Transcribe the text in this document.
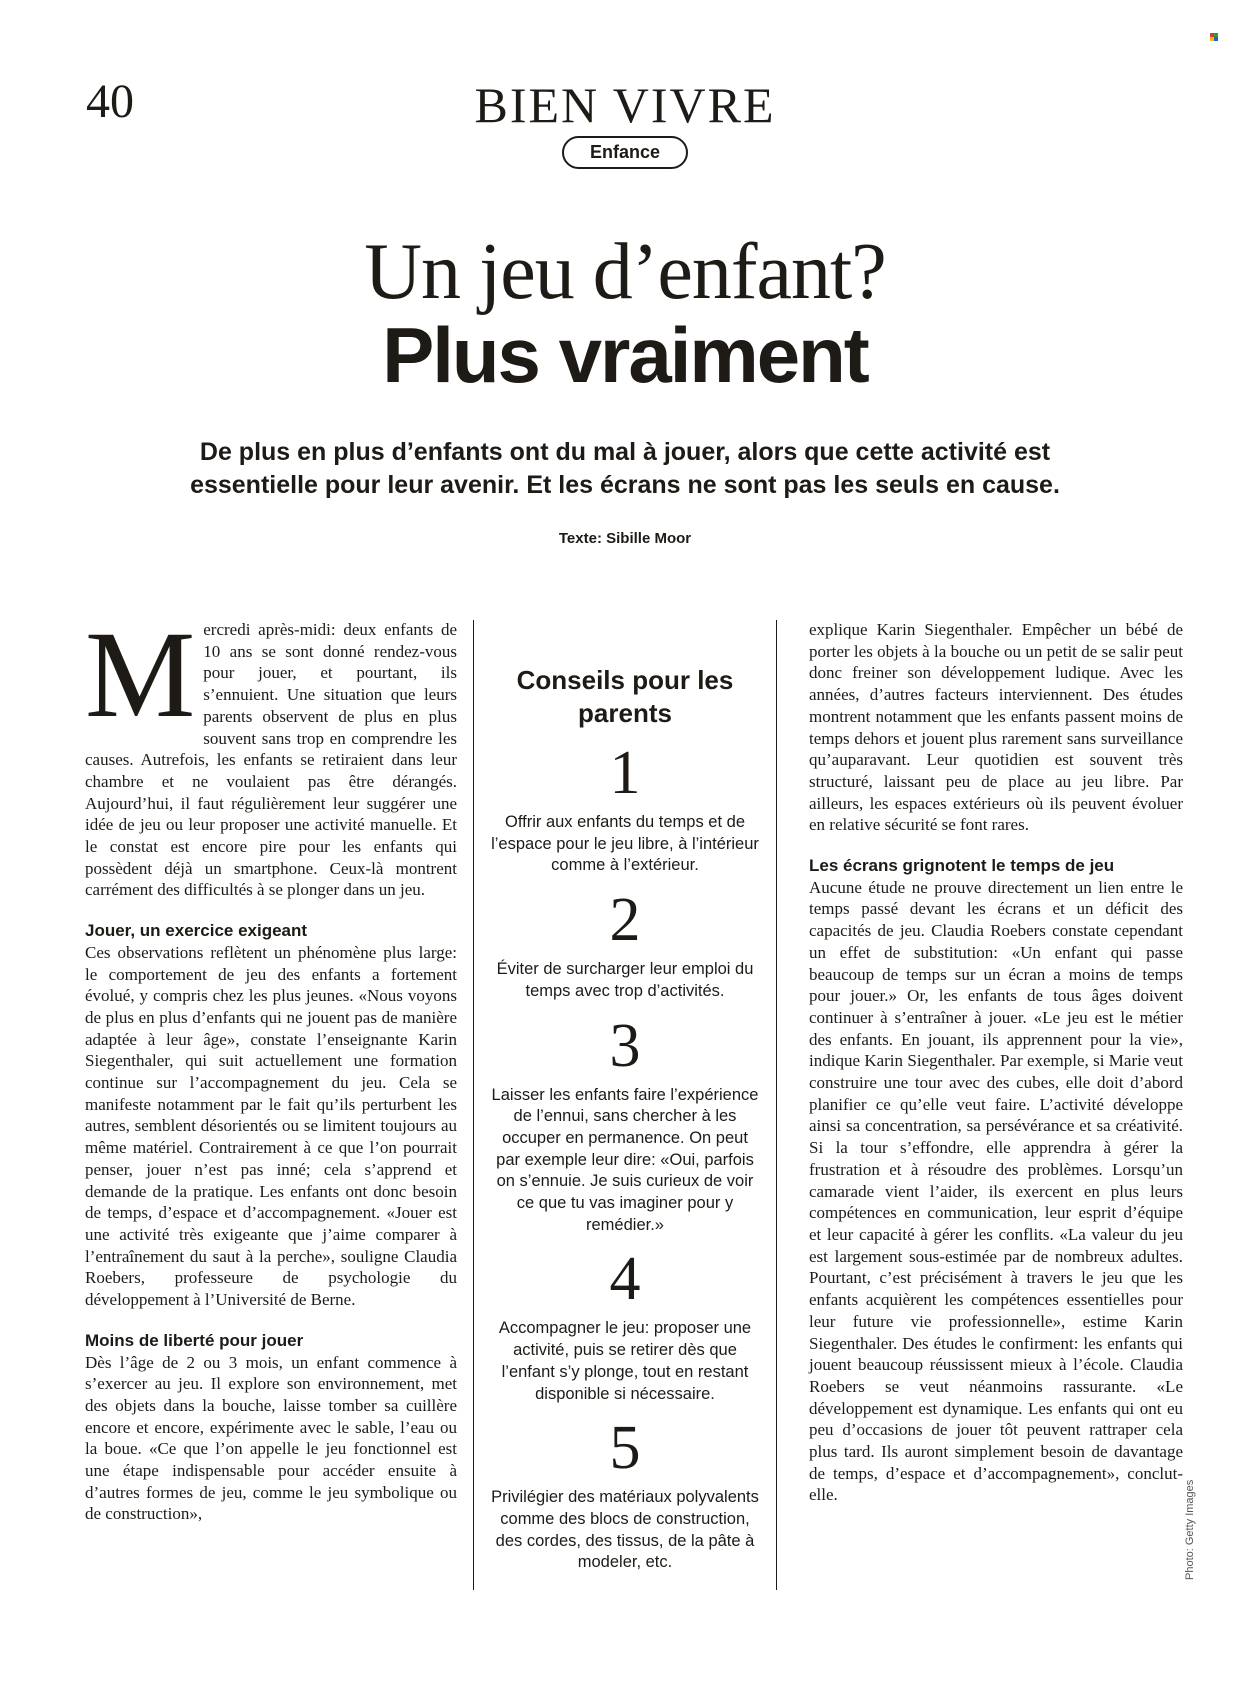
40	BIEN VIVRE
Enfance
Un jeu d’enfant?
Plus vraiment
De plus en plus d’enfants ont du mal à jouer, alors que cette activité est essentielle pour leur avenir. Et les écrans ne sont pas les seuls en cause.
Texte: Sibille Moor

Mercredi après-midi: deux enfants de 10 ans se sont donné rendez-vous pour jouer, et pourtant, ils s’ennuient. Une situation que leurs parents observent de plus en plus souvent sans trop en comprendre les causes. Autrefois, les enfants se retiraient dans leur chambre et ne voulaient pas être dérangés. Aujourd’hui, il faut régulièrement leur suggérer une idée de jeu ou leur proposer une activité manuelle. Et le constat est encore pire pour les enfants qui possèdent déjà un smartphone. Ceux-là montrent carrément des difficultés à se plonger dans un jeu.

Jouer, un exercice exigeant

Ces observations reflètent un phénomène plus large: le comportement de jeu des enfants a fortement évolué, y compris chez les plus jeunes. «Nous voyons de plus en plus d’enfants qui ne jouent pas de manière adaptée à leur âge», constate l’enseignante Karin Siegenthaler, qui suit actuellement une formation continue sur l’accompagnement du jeu. Cela se manifeste notamment par le fait qu’ils perturbent les autres, semblent désorientés ou se limitent toujours au même matériel. Contrairement à ce que l’on pourrait penser, jouer n’est pas inné; cela s’apprend et demande de la pratique. Les enfants ont donc besoin de temps, d’espace et d’accompagnement. «Jouer est une activité très exigeante que j’aime comparer à l’entraînement du saut à la perche», souligne Claudia Roebers, professeure de psychologie du développement à l’Université de Berne.

Moins de liberté pour jouer

Dès l’âge de 2 ou 3 mois, un enfant commence à s’exercer au jeu. Il explore son environnement, met des objets dans la bouche, laisse tomber sa cuillère encore et encore, expérimente avec le sable, l’eau ou la boue. «Ce que l’on appelle le jeu fonctionnel est une étape indispensable pour accéder ensuite à d’autres formes de jeu, comme le jeu symbolique ou de construction»,

Conseils pour les parents
1
Offrir aux enfants du temps et de l’espace pour le jeu libre, à l’intérieur comme à l’extérieur.
2
Éviter de surcharger leur emploi du temps avec trop d’activités.
3
Laisser les enfants faire l’expérience de l’ennui, sans chercher à les occuper en permanence. On peut par exemple leur dire: «Oui, parfois on s’ennuie. Je suis curieux de voir ce que tu vas imaginer pour y remédier.»
4
Accompagner le jeu: proposer une activité, puis se retirer dès que l’enfant s’y plonge, tout en restant disponible si nécessaire.
5
Privilégier des matériaux polyvalents comme des blocs de construction, des cordes, des tissus, de la pâte à modeler, etc.

explique Karin Siegenthaler. Empêcher un bébé de porter les objets à la bouche ou un petit de se salir peut donc freiner son développement ludique. Avec les années, d’autres facteurs interviennent. Des études montrent notamment que les enfants passent moins de temps dehors et jouent plus rarement sans surveillance qu’auparavant. Leur quotidien est souvent très structuré, laissant peu de place au jeu libre. Par ailleurs, les espaces extérieurs où ils peuvent évoluer en relative sécurité se font rares.

Les écrans grignotent le temps de jeu

Aucune étude ne prouve directement un lien entre le temps passé devant les écrans et un déficit des capacités de jeu. Claudia Roebers constate cependant un effet de substitution: «Un enfant qui passe beaucoup de temps sur un écran a moins de temps pour jouer.» Or, les enfants de tous âges doivent continuer à s’entraîner à jouer. «Le jeu est le métier des enfants. En jouant, ils apprennent pour la vie», indique Karin Siegenthaler. Par exemple, si Marie veut construire une tour avec des cubes, elle doit d’abord planifier ce qu’elle veut faire. L’activité développe ainsi sa concentration, sa persévérance et sa créativité. Si la tour s’effondre, elle apprendra à gérer la frustration et à résoudre des problèmes. Lorsqu’un camarade vient l’aider, ils exercent en plus leurs compétences en communication, leur esprit d’équipe et leur capacité à gérer les conflits. «La valeur du jeu est largement sous-estimée par de nombreux adultes. Pourtant, c’est précisément à travers le jeu que les enfants acquièrent les compétences essentielles pour leur future vie professionnelle», estime Karin Siegenthaler. Des études le confirment: les enfants qui jouent beaucoup réussissent mieux à l’école. Claudia Roebers se veut néanmoins rassurante. «Le développement est dynamique. Les enfants qui ont eu peu d’occasions de jouer tôt peuvent rattraper cela plus tard. Ils auront simplement besoin de davantage de temps, d’espace et d’accompagnement», conclut-elle.	Photo: Getty Images
